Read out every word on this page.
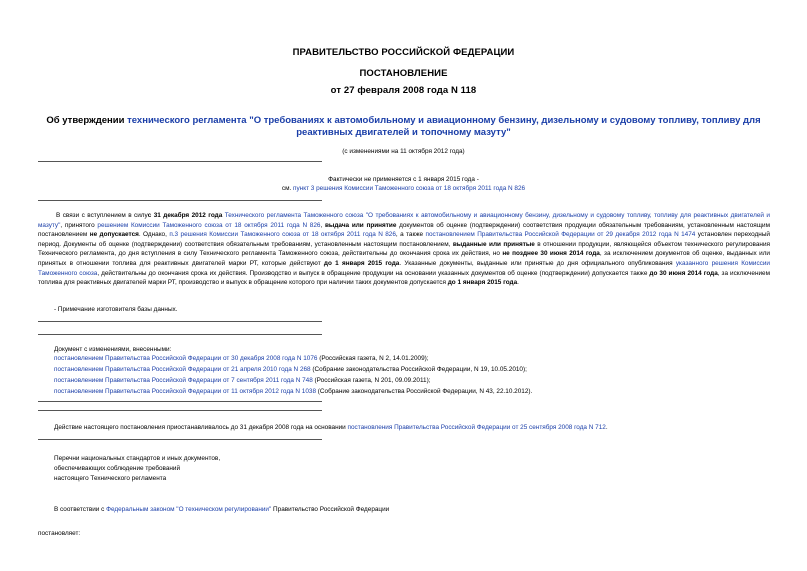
ПРАВИТЕЛЬСТВО РОССИЙСКОЙ ФЕДЕРАЦИИ
ПОСТАНОВЛЕНИЕ
от 27 февраля 2008 года N 118
Об утверждении технического регламента "О требованиях к автомобильному и авиационному бензину, дизельному и судовому топливу, топливу для реактивных двигателей и топочному мазуту"
(с изменениями на 11 октября 2012 года)
Фактически не применяется с 1 января 2015 года -
см. пункт 3 решения Комиссии Таможенного союза от 18 октября 2011 года N 826
В связи с вступлением в силус 31 декабря 2012 года Технического регламента Таможенного союза "О требованиях к автомобильному и авиационному бензину, дизельному и судовому топливу, топливу для реактивных двигателей и мазуту", принятого решением Комиссии Таможенного союза от 18 октября 2011 года N 826, выдача или принятие документов об оценке (подтверждении) соответствия продукции обязательным требованиям, установленным настоящим постановлением не допускается. Однако, п.3 решения Комиссии Таможенного союза от 18 октября 2011 года N 826, а также постановлением Правительства Российской Федерации от 29 декабря 2012 года N 1474 установлен переходный период. Документы об оценке (подтверждении) соответствия обязательным требованиям, установленным настоящим постановлением, выданные или принятые в отношении продукции, являющейся объектом технического регулирования Технического регламента, до дня вступления в силу Технического регламента Таможенного союза, действительны до окончания срока их действия, но не позднее 30 июня 2014 года, за исключением документов об оценке, выданных или принятых в отношении топлива для реактивных двигателей марки РТ, которые действуют до 1 января 2015 года. Указанные документы, выданные или принятые до дня официального опубликования указанного решения Комиссии Таможенного союза, действительны до окончания срока их действия. Производство и выпуск в обращение продукции на основании указанных документов об оценке (подтверждении) допускается также до 30 июня 2014 года, за исключением топлива для реактивных двигателей марки РТ, производство и выпуск в обращение которого при наличии таких документов допускается до 1 января 2015 года.
- Примечание изготовителя базы данных.
Документ с изменениями, внесенными:
постановлением Правительства Российской Федерации от 30 декабря 2008 года N 1076 (Российская газета, N 2, 14.01.2009);
постановлением Правительства Российской Федерации от 21 апреля 2010 года N 268 (Собрание законодательства Российской Федерации, N 19, 10.05.2010);
постановлением Правительства Российской Федерации от 7 сентября 2011 года N 748 (Российская газета, N 201, 09.09.2011);
постановлением Правительства Российской Федерации от 11 октября 2012 года N 1038 (Собрание законодательства Российской Федерации, N 43, 22.10.2012).
Действие настоящего постановления приостанавливалось до 31 декабря 2008 года на основании постановления Правительства Российской Федерации от 25 сентября 2008 года N 712.
Перечни национальных стандартов и иных документов,
обеспечивающих соблюдение требований
настоящего Технического регламента
В соответствии с Федеральным законом "О техническом регулировании" Правительство Российской Федерации
постановляет:
